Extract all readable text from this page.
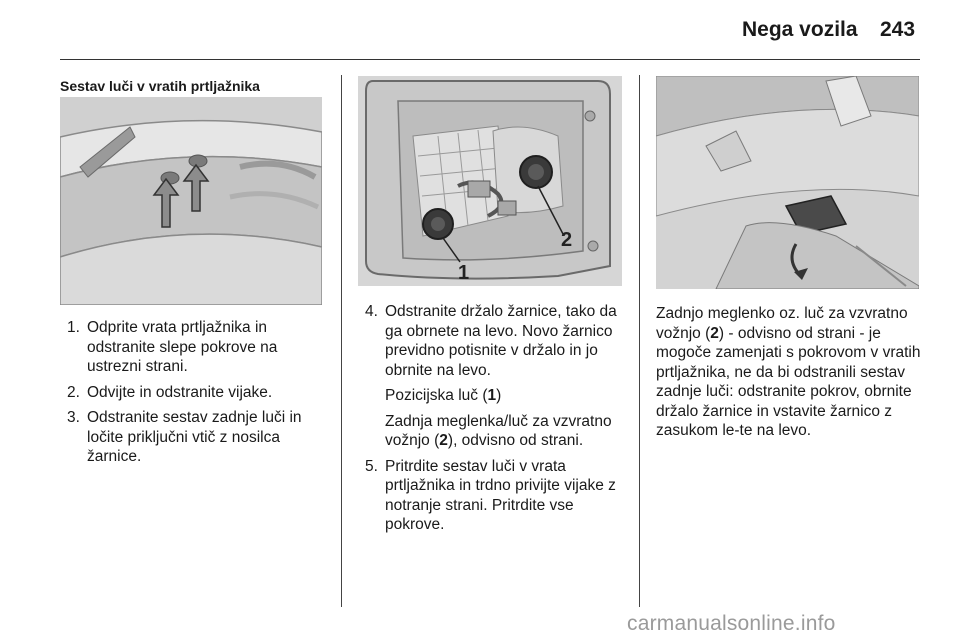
Nega vozila 243
Sestav luči v vratih prtljažnika
1. Odprite vrata prtljažnika in odstranite slepe pokrove na ustrezni strani.
2. Odvijte in odstranite vijake.
3. Odstranite sestav zadnje luči in ločite priključni vtič z nosilca žarnice.
2
1
4. Odstranite držalo žarnice, tako da ga obrnete na levo. Novo žarnico previdno potisnite v držalo in jo obrnite na levo.
Pozicijska luč (1)
Zadnja meglenka/luč za vzvratno vožnjo (2), odvisno od strani.
5. Pritrdite sestav luči v vrata prtljažnika in trdno privijte vijake z notranje strani. Pritrdite vse pokrove.
Zadnjo meglenko oz. luč za vzvratno vožnjo (2) - odvisno od strani - je mogoče zamenjati s pokrovom v vratih prtljažnika, ne da bi odstranili sestav zadnje luči: odstranite pokrov, obrnite držalo žarnice in vstavite žarnico z zasukom le-te na levo.
carmanualsonline.info
